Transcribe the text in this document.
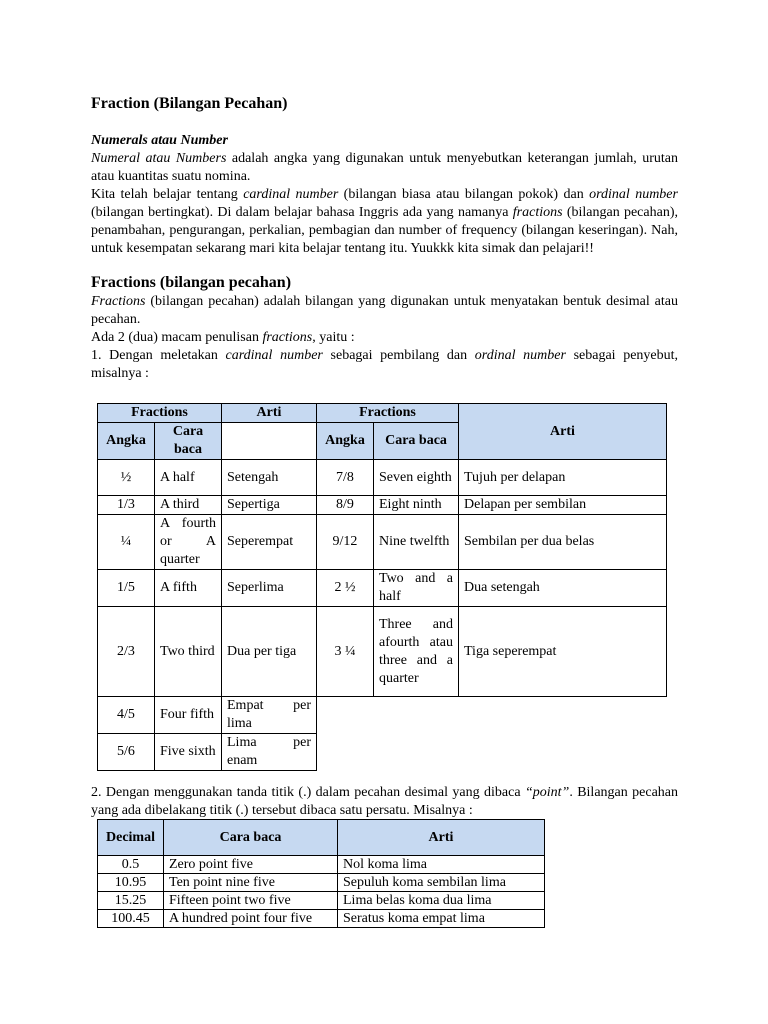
Fraction (Bilangan Pecahan)
Numerals atau Number

Numeral atau Numbers adalah angka yang digunakan untuk menyebutkan keterangan jumlah, urutan atau kuantitas suatu nomina.

Kita telah belajar tentang cardinal number (bilangan biasa atau bilangan pokok) dan ordinal number (bilangan bertingkat). Di dalam belajar bahasa Inggris ada yang namanya fractions (bilangan pecahan), penambahan, pengurangan, perkalian, pembagian dan number of frequency (bilangan keseringan). Nah, untuk kesempatan sekarang mari kita belajar tentang itu. Yuukkk kita simak dan pelajari!!

Fractions (bilangan pecahan)

Fractions (bilangan pecahan) adalah bilangan yang digunakan untuk menyatakan bentuk desimal atau pecahan.

Ada 2 (dua) macam penulisan fractions, yaitu :

1. Dengan meletakan cardinal number sebagai pembilang dan ordinal number sebagai penyebut, misalnya :

Fractions		Arti	Fractions		Arti
Angka	Cara baca		Angka	Cara baca	

½	A half	Setengah	7/8	Seven eighth	Tujuh per delapan
1/3	A third	Sepertiga	8/9	Eight ninth	Delapan per sembilan
¼	A fourth or A quarter	Seperempat	9/12	Nine twelfth	Sembilan per dua belas
1/5	A fifth	Seperlima	2 ½	Two and a half	Dua setengah
2/3	Two third	Dua per tiga	3 ¼	Three and afourth atau three and a quarter	Tiga seperempat
4/5	Four fifth	Empat per lima			
5/6	Five sixth	Lima per enam			

2. Dengan menggunakan tanda titik (.) dalam pecahan desimal yang dibaca “point”. Bilangan pecahan yang ada dibelakang titik (.) tersebut dibaca satu persatu. Misalnya :

Decimal	Cara baca	Arti
0.5	Zero point five	Nol koma lima
10.95	Ten point nine five	Sepuluh koma sembilan lima
15.25	Fifteen point two five	Lima belas koma dua lima
100.45	A hundred point four five	Seratus koma empat lima
